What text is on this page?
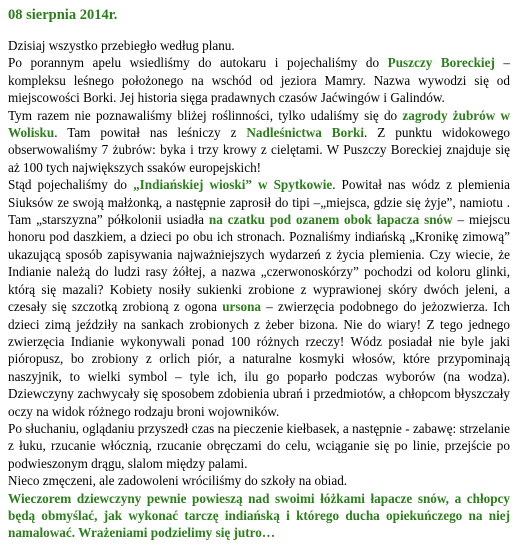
08 sierpnia 2014r.

Dzisiaj wszystko przebiegło według planu.

Po porannym apelu wsiedliśmy do autokaru i pojechaliśmy do Puszczy Boreckiej – kompleksu leśnego położonego na wschód od jeziora Mamry. Nazwa wywodzi się od miejscowości Borki. Jej historia sięga pradawnych czasów Jaćwingów i Galindów.

Tym razem nie poznawaliśmy bliżej roślinności, tylko udaliśmy się do zagrody żubrów w Wolisku. Tam powitał nas leśniczy z Nadleśnictwa Borki. Z punktu widokowego obserwowaliśmy 7 żubrów: byka i trzy krowy z cielętami. W Puszczy Boreckiej znajduje się aż 100 tych największych ssaków europejskich!

Stąd pojechaliśmy do „Indiańskiej wioski” w Spytkowie. Powitał nas wódz z plemienia Siuksów ze swoją małżonką, a następnie zaprosił do tipi –„miejsca, gdzie się żyje”, namiotu . Tam „starszyzna” półkolonii usiadła na czatku pod ozanem obok łapacza snów – miejscu honoru pod daszkiem, a dzieci po obu ich stronach. Poznaliśmy indiańską „Kronikę zimową” ukazującą sposób zapisywania najważniejszych wydarzeń z życia plemienia. Czy wiecie, że Indianie należą do ludzi rasy żółtej, a nazwa „czerwonoskórzy” pochodzi od koloru glinki, którą się mazali? Kobiety nosiły sukienki zrobione z wyprawionej skóry dwóch jeleni, a czesały się szczotką zrobioną z ogona ursona – zwierzęcia podobnego do jeżozwierza. Ich dzieci zimą jeździły na sankach zrobionych z żeber bizona. Nie do wiary! Z tego jednego zwierzęcia Indianie wykonywali ponad 100 różnych rzeczy! Wódz posiadał nie byle jaki pióropusz, bo zrobiony z orlich piór, a naturalne kosmyki włosów, które przypominają naszyjnik, to wielki symbol – tyle ich, ilu go poparło podczas wyborów (na wodza). Dziewczyny zachwycały się sposobem zdobienia ubrań i przedmiotów, a chłopcom błyszczały oczy na widok różnego rodzaju broni wojowników.

Po słuchaniu, oglądaniu przyszedł czas na pieczenie kiełbasek, a następnie - zabawę: strzelanie z łuku, rzucanie włócznią, rzucanie obręczami do celu, wciąganie się po linie, przejście po podwieszonym drągu, slalom między palami.

Nieco zmęczeni, ale zadowoleni wróciliśmy do szkoły na obiad.

Wieczorem dziewczyny pewnie powieszą nad swoimi łóżkami łapacze snów, a chłopcy będą obmyślać, jak wykonać tarczę indiańską i którego ducha opiekuńczego na niej namalować. Wrażeniami podzielimy się jutro…
